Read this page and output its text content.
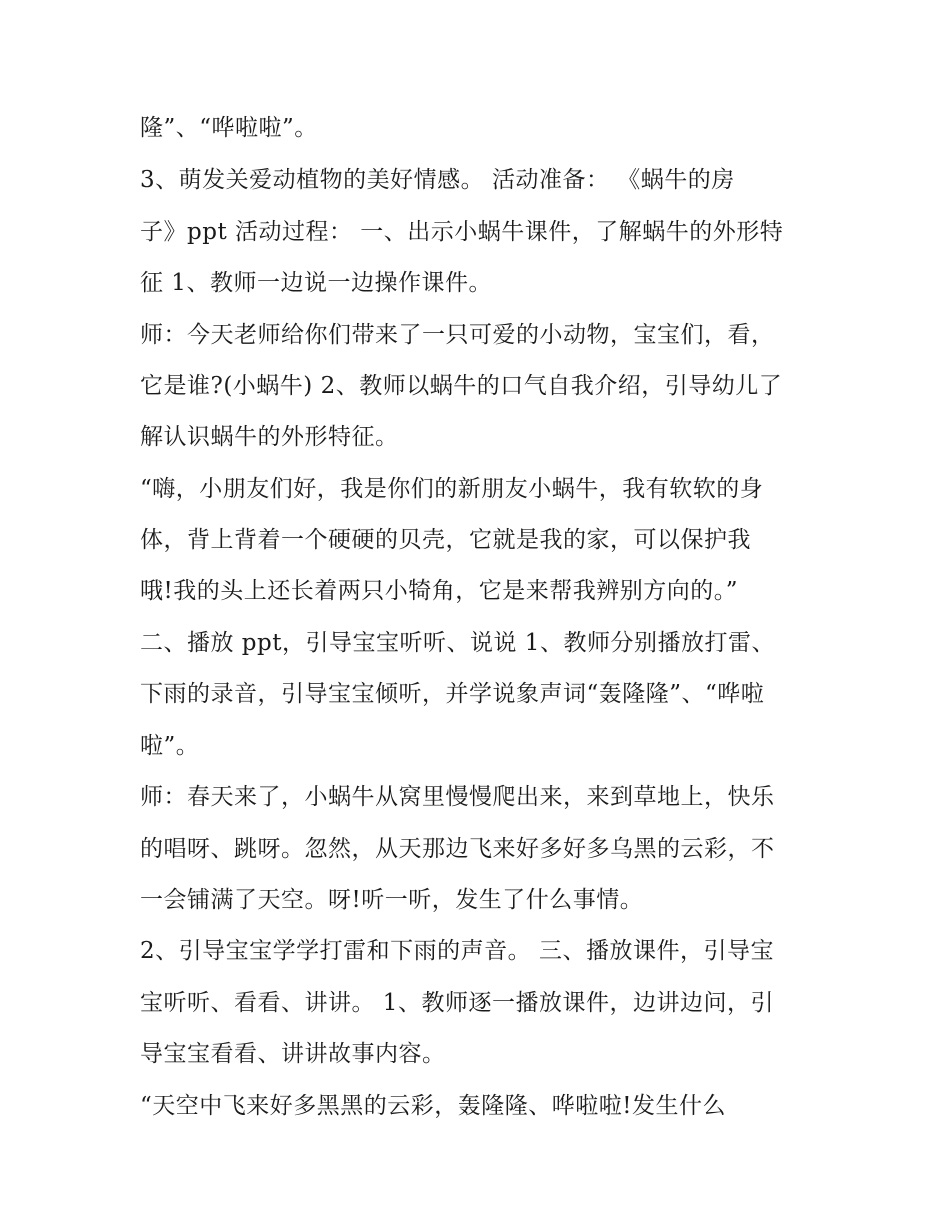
隆”、“哗啦啦”。
3、萌发关爱动植物的美好情感。 活动准备： 《蜗牛的房
子》ppt 活动过程： 一、出示小蜗牛课件，了解蜗牛的外形特
征 1、教师一边说一边操作课件。
师：今天老师给你们带来了一只可爱的小动物，宝宝们，看，
它是谁?(小蜗牛) 2、教师以蜗牛的口气自我介绍，引导幼儿了
解认识蜗牛的外形特征。
“嗨，小朋友们好，我是你们的新朋友小蜗牛，我有软软的身
体，背上背着一个硬硬的贝壳，它就是我的家，可以保护我
哦!我的头上还长着两只小犄角，它是来帮我辨别方向的。”
二、播放 ppt，引导宝宝听听、说说 1、教师分别播放打雷、
下雨的录音，引导宝宝倾听，并学说象声词“轰隆隆”、“哗啦
啦”。
师：春天来了，小蜗牛从窝里慢慢爬出来，来到草地上，快乐
的唱呀、跳呀。忽然，从天那边飞来好多好多乌黑的云彩，不
一会铺满了天空。呀!听一听，发生了什么事情。
2、引导宝宝学学打雷和下雨的声音。 三、播放课件，引导宝
宝听听、看看、讲讲。 1、教师逐一播放课件，边讲边问，引
导宝宝看看、讲讲故事内容。
“天空中飞来好多黑黑的云彩，轰隆隆、哗啦啦!发生什么
